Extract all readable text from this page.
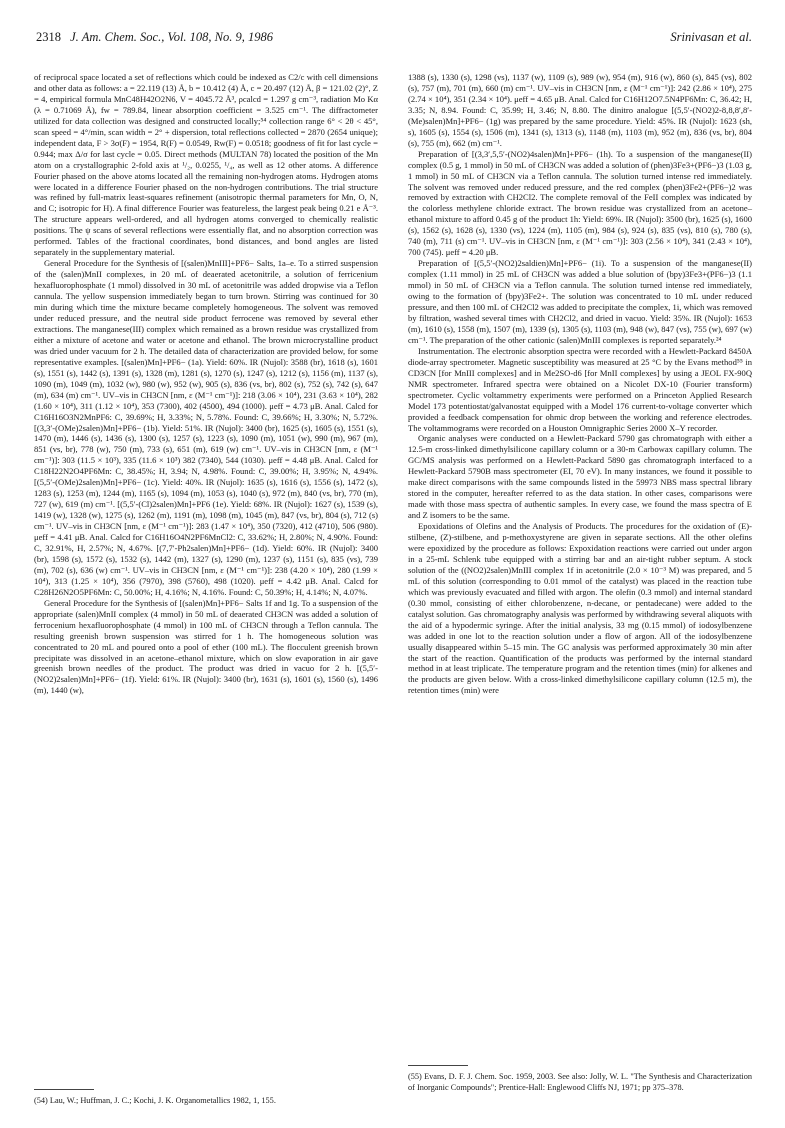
2318 J. Am. Chem. Soc., Vol. 108, No. 9, 1986	Srinivasan et al.

of reciprocal space located a set of reflections which could be indexed as C2/c with cell dimensions and other data as follows: a = 22.119 (13) Å, b = 10.412 (4) Å, c = 20.497 (12) Å, β = 121.02 (2)°, Z = 4, empirical formula MnC48H42O2N6, V = 4045.72 Å³, ρcalcd = 1.297 g cm⁻³, radiation Mo Kα (λ = 0.71069 Å), fw = 789.84, linear absorption coefficient = 3.525 cm⁻¹. The diffractometer utilized for data collection was designed and constructed locally;⁵⁴ collection range 6° < 2θ < 45°, scan speed = 4°/min, scan width = 2° + dispersion, total reflections collected = 2870 (2654 unique); independent data, F > 3σ(F) = 1954, R(F) = 0.0549, Rw(F) = 0.0518; goodness of fit for last cycle = 0.944; max Δ/σ for last cycle = 0.05. Direct methods (MULTAN 78) located the position of the Mn atom on a crystallographic 2-fold axis at ¹/₂, 0.0255, ¹/₄, as well as 12 other atoms. A difference Fourier phased on the above atoms located all the remaining non-hydrogen atoms. Hydrogen atoms were located in a difference Fourier phased on the non-hydrogen contributions. The trial structure was refined by full-matrix least-squares refinement (anisotropic thermal parameters for Mn, O, N, and C; isotropic for H). A final difference Fourier was featureless, the largest peak being 0.21 e Å⁻³. The structure appears well-ordered, and all hydrogen atoms converged to chemically realistic positions. The ψ scans of several reflections were essentially flat, and no absorption correction was performed. Tables of the fractional coordinates, bond distances, and bond angles are listed separately in the supplementary material.

General Procedure for the Synthesis of [(salen)MnIII]+PF6− Salts, 1a–e. To a stirred suspension of the (salen)MnII complexes, in 20 mL of deaerated acetonitrile, a solution of ferricenium hexafluorophosphate (1 mmol) dissolved in 30 mL of acetonitrile was added dropwise via a Teflon cannula. The yellow suspension immediately began to turn brown. Stirring was continued for 30 min during which time the mixture became completely homogeneous. The solvent was removed under reduced pressure, and the neutral side product ferrocene was removed by several ether extractions. The manganese(III) complex which remained as a brown residue was crystallized from either a mixture of acetone and water or acetone and ethanol. The brown microcrystalline product was dried under vacuum for 2 h. The detailed data of characterization are provided below, for some representative examples. [(salen)Mn]+PF6− (1a). Yield: 60%. IR (Nujol): 3588 (br), 1618 (s), 1601 (s), 1551 (s), 1442 (s), 1391 (s), 1328 (m), 1281 (s), 1270 (s), 1247 (s), 1212 (s), 1156 (m), 1137 (s), 1090 (m), 1049 (m), 1032 (w), 980 (w), 952 (w), 905 (s), 836 (vs, br), 802 (s), 752 (s), 742 (s), 647 (m), 634 (m) cm⁻¹. UV–vis in CH3CN [nm, ε (M⁻¹ cm⁻¹)]: 218 (3.06 × 10⁴), 231 (3.63 × 10⁴), 282 (1.60 × 10⁴), 311 (1.12 × 10⁴), 353 (7300), 402 (4500), 494 (1000). μeff = 4.73 μB. Anal. Calcd for C16H16O3N2MnPF6: C, 39.69%; H, 3.33%; N, 5.78%. Found: C, 39.66%; H, 3.30%; N, 5.72%. [(3,3′-(OMe)2salen)Mn]+PF6− (1b). Yield: 51%. IR (Nujol): 3400 (br), 1625 (s), 1605 (s), 1551 (s), 1470 (m), 1446 (s), 1436 (s), 1300 (s), 1257 (s), 1223 (s), 1090 (m), 1051 (w), 990 (m), 967 (m), 851 (vs, br), 778 (w), 750 (m), 733 (s), 651 (m), 619 (w) cm⁻¹. UV–vis in CH3CN [nm, ε (M⁻¹ cm⁻¹)]: 303 (11.5 × 10³), 335 (11.6 × 10³) 382 (7340), 544 (1030). μeff = 4.48 μB. Anal. Calcd for C18H22N2O4PF6Mn: C, 38.45%; H, 3.94; N, 4.98%. Found: C, 39.00%; H, 3.95%; N, 4.94%. [(5,5′-(OMe)2salen)Mn]+PF6− (1c). Yield: 40%. IR (Nujol): 1635 (s), 1616 (s), 1556 (s), 1472 (s), 1283 (s), 1253 (m), 1244 (m), 1165 (s), 1094 (m), 1053 (s), 1040 (s), 972 (m), 840 (vs, br), 770 (m), 727 (w), 619 (m) cm⁻¹. [(5,5′-(Cl)2salen)Mn]+PF6 (1e). Yield: 68%. IR (Nujol): 1627 (s), 1539 (s), 1419 (w), 1328 (w), 1275 (s), 1262 (m), 1191 (m), 1098 (m), 1045 (m), 847 (vs, br), 804 (s), 712 (s) cm⁻¹. UV–vis in CH3CN [nm, ε (M⁻¹ cm⁻¹)]: 283 (1.47 × 10⁴), 350 (7320), 412 (4710), 506 (980). μeff = 4.41 μB. Anal. Calcd for C16H16O4N2PF6MnCl2: C, 33.62%; H, 2.80%; N, 4.90%. Found: C, 32.91%, H, 2.57%; N, 4.67%. [(7,7′-Ph2salen)Mn]+PF6− (1d). Yield: 60%. IR (Nujol): 3400 (br), 1598 (s), 1572 (s), 1532 (s), 1442 (m), 1327 (s), 1290 (m), 1237 (s), 1151 (s), 835 (vs), 739 (m), 702 (s), 636 (w) cm⁻¹. UV–vis in CH3CN [nm, ε (M⁻¹ cm⁻¹)]: 238 (4.20 × 10⁴), 280 (1.99 × 10⁴), 313 (1.25 × 10⁴), 356 (7970), 398 (5760), 498 (1020). μeff = 4.42 μB. Anal. Calcd for C28H26N2O5PF6Mn: C, 50.00%; H, 4.16%; N, 4.16%. Found: C, 50.39%; H, 4.14%; N, 4.07%.

General Procedure for the Synthesis of [(salen)Mn]+PF6− Salts 1f and 1g. To a suspension of the appropriate (salen)MnII complex (4 mmol) in 50 mL of deaerated CH3CN was added a solution of ferrocenium hexafluorophosphate (4 mmol) in 100 mL of CH3CN through a Teflon cannula. The resulting greenish brown suspension was stirred for 1 h. The homogeneous solution was concentrated to 20 mL and poured onto a pool of ether (100 mL). The flocculent greenish brown precipitate was dissolved in an acetone–ethanol mixture, which on slow evaporation in air gave greenish brown needles of the product. The product was dried in vacuo for 2 h. [(5,5′-(NO2)2salen)Mn]+PF6− (1f). Yield: 61%. IR (Nujol): 3400 (br), 1631 (s), 1601 (s), 1560 (s), 1496 (m), 1440 (w),

1388 (s), 1330 (s), 1298 (vs), 1137 (w), 1109 (s), 989 (w), 954 (m), 916 (w), 860 (s), 845 (vs), 802 (s), 757 (m), 701 (m), 660 (m) cm⁻¹. UV–vis in CH3CN [nm, ε (M⁻¹ cm⁻¹)]: 242 (2.86 × 10⁴), 275 (2.74 × 10⁴), 351 (2.34 × 10⁴). μeff = 4.65 μB. Anal. Calcd for C16H12O7.5N4PF6Mn: C, 36.42; H, 3.35; N, 8.94. Found: C, 35.99; H, 3.46; N, 8.80. The dinitro analogue [(5,5′-(NO2)2-8,8,8′,8′-(Me)salen)Mn]+PF6− (1g) was prepared by the same procedure. Yield: 45%. IR (Nujol): 1623 (sh, s), 1605 (s), 1554 (s), 1506 (m), 1341 (s), 1313 (s), 1148 (m), 1103 (m), 952 (m), 836 (vs, br), 804 (s), 755 (m), 662 (m) cm⁻¹.

Preparation of [(3,3′,5,5′-(NO2)4salen)Mn]+PF6− (1h). To a suspension of the manganese(II) complex (0.5 g, 1 mmol) in 50 mL of CH3CN was added a solution of (phen)3Fe3+(PF6−)3 (1.03 g, 1 mmol) in 50 mL of CH3CN via a Teflon cannula. The solution turned intense red immediately. The solvent was removed under reduced pressure, and the red complex (phen)3Fe2+(PF6−)2 was removed by extraction with CH2Cl2. The complete removal of the FeII complex was indicated by the colorless methylene chloride extract. The brown residue was crystallized from an acetone–ethanol mixture to afford 0.45 g of the product 1h: Yield: 69%. IR (Nujol): 3500 (br), 1625 (s), 1600 (s), 1562 (s), 1628 (s), 1330 (vs), 1224 (m), 1105 (m), 984 (s), 924 (s), 835 (vs), 810 (s), 780 (s), 740 (m), 711 (s) cm⁻¹. UV–vis in CH3CN [nm, ε (M⁻¹ cm⁻¹)]: 303 (2.56 × 10⁴), 341 (2.43 × 10⁴), 700 (745). μeff = 4.20 μB.

Preparation of [(5,5′-(NO2)2saldien)Mn]+PF6− (1i). To a suspension of the manganese(II) complex (1.11 mmol) in 25 mL of CH3CN was added a blue solution of (bpy)3Fe3+(PF6−)3 (1.1 mmol) in 50 mL of CH3CN via a Teflon cannula. The solution turned intense red immediately, owing to the formation of (bpy)3Fe2+. The solution was concentrated to 10 mL under reduced pressure, and then 100 mL of CH2Cl2 was added to precipitate the complex, 1i, which was removed by filtration, washed several times with CH2Cl2, and dried in vacuo. Yield: 35%. IR (Nujol): 1653 (m), 1610 (s), 1558 (m), 1507 (m), 1339 (s), 1305 (s), 1103 (m), 948 (w), 847 (vs), 755 (w), 697 (w) cm⁻¹. The preparation of the other cationic (salen)MnIII complexes is reported separately.²⁴

Instrumentation. The electronic absorption spectra were recorded with a Hewlett-Packard 8450A diode-array spectrometer. Magnetic susceptibility was measured at 25 °C by the Evans method⁵⁵ in CD3CN [for MnIII complexes] and in Me2SO-d6 [for MnII complexes] by using a JEOL FX-90Q NMR spectrometer. Infrared spectra were obtained on a Nicolet DX-10 (Fourier transform) spectrometer. Cyclic voltammetry experiments were performed on a Princeton Applied Research Model 173 potentiostat/galvanostat equipped with a Model 176 current-to-voltage converter which provided a feedback compensation for ohmic drop between the working and reference electrodes. The voltammograms were recorded on a Houston Omnigraphic Series 2000 X–Y recorder.

Organic analyses were conducted on a Hewlett-Packard 5790 gas chromatograph with either a 12.5-m cross-linked dimethylsilicone capillary column or a 30-m Carbowax capillary column. The GC/MS analysis was performed on a Hewlett-Packard 5890 gas chromatograph interfaced to a Hewlett-Packard 5790B mass spectrometer (EI, 70 eV). In many instances, we found it possible to make direct comparisons with the same compounds listed in the 59973 NBS mass spectral library stored in the computer, hereafter referred to as the data station. In other cases, comparisons were made with those mass spectra of authentic samples. In every case, we found the mass spectra of E and Z isomers to be the same.

Epoxidations of Olefins and the Analysis of Products. The procedures for the oxidation of (E)-stilbene, (Z)-stilbene, and p-methoxystyrene are given in separate sections. All the other olefins were epoxidized by the procedure as follows: Expoxidation reactions were carried out under argon in a 25-mL Schlenk tube equipped with a stirring bar and an air-tight rubber septum. A stock solution of the ((NO2)2salen)MnIII complex 1f in acetonitrile (2.0 × 10⁻³ M) was prepared, and 5 mL of this solution (corresponding to 0.01 mmol of the catalyst) was placed in the reaction tube which was previously evacuated and filled with argon. The olefin (0.3 mmol) and internal standard (0.30 mmol, consisting of either chlorobenzene, n-decane, or pentadecane) were added to the catalyst solution. Gas chromatography analysis was performed by withdrawing several aliquots with the aid of a hypodermic syringe. After the initial analysis, 33 mg (0.15 mmol) of iodosylbenzene was added in one lot to the reaction solution under a flow of argon. All of the iodosylbenzene usually disappeared within 5–15 min. The GC analysis was performed approximately 30 min after the start of the reaction. Quantification of the products was performed by the internal standard method in at least triplicate. The temperature program and the retention times (min) for alkenes and the products are given below. With a cross-linked dimethylsilicone capillary column (12.5 m), the retention times (min) were

(55) Evans, D. F. J. Chem. Soc. 1959, 2003. See also: Jolly, W. L. "The Synthesis and Characterization of Inorganic Compounds"; Prentice-Hall: Englewood Cliffs NJ, 1971; pp 375–378.
(54) Lau, W.; Huffman, J. C.; Kochi, J. K. Organometallics 1982, 1, 155.
